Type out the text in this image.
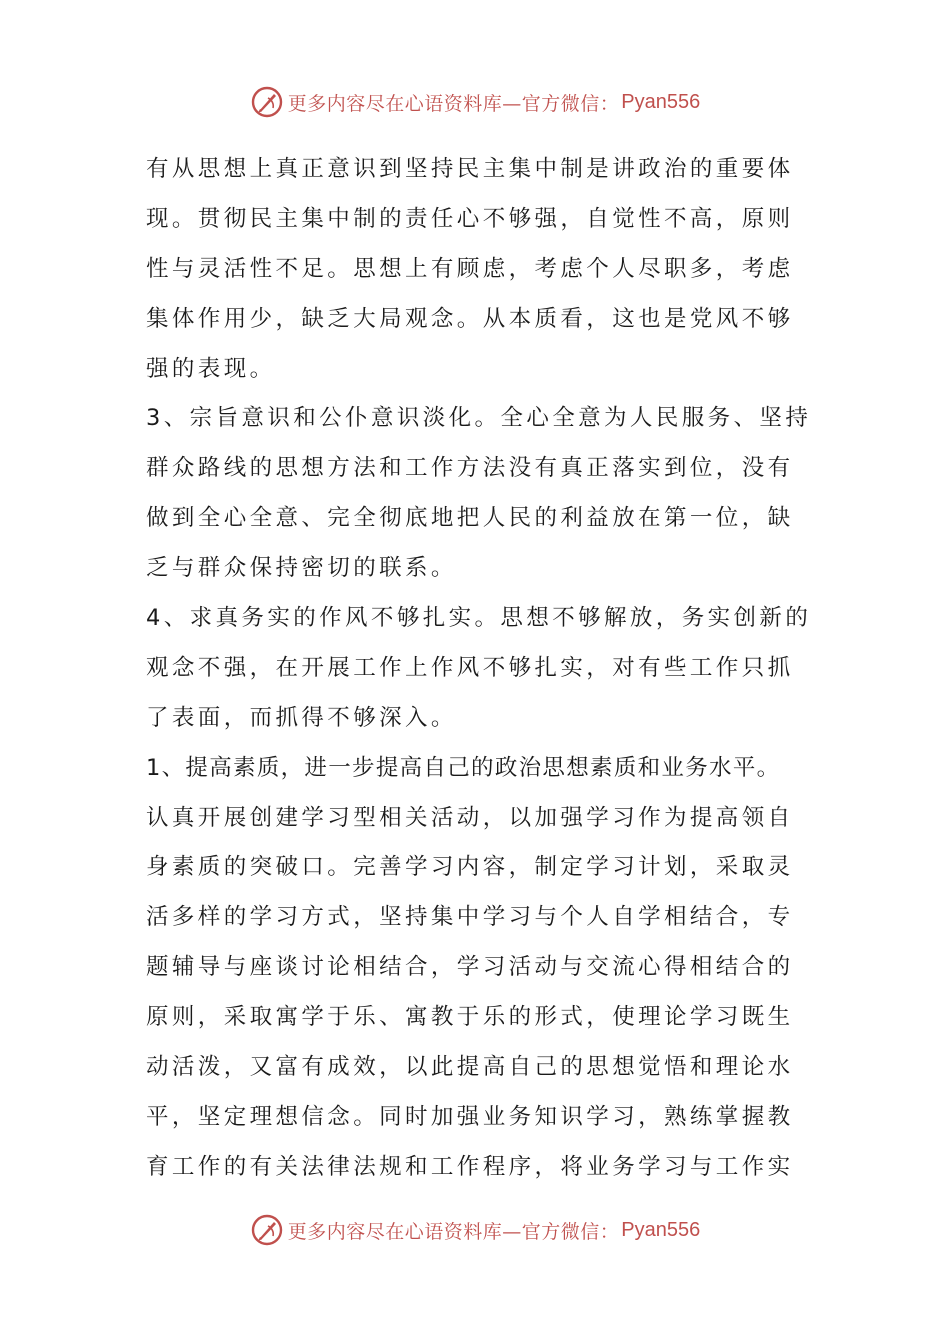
更多内容尽在心语资料库—官方微信： Pyan556
有从思想上真正意识到坚持民主集中制是讲政治的重要体
现。贯彻民主集中制的责任心不够强，自觉性不高，原则
性与灵活性不足。思想上有顾虑，考虑个人尽职多，考虑
集体作用少，缺乏大局观念。从本质看，这也是党风不够
强的表现。
3、宗旨意识和公仆意识淡化。全心全意为人民服务、坚持
群众路线的思想方法和工作方法没有真正落实到位，没有
做到全心全意、完全彻底地把人民的利益放在第一位，缺
乏与群众保持密切的联系。
4、求真务实的作风不够扎实。思想不够解放，务实创新的
观念不强，在开展工作上作风不够扎实，对有些工作只抓
了表面，而抓得不够深入。
1、提高素质，进一步提高自己的政治思想素质和业务水平。
认真开展创建学习型相关活动，以加强学习作为提高领自
身素质的突破口。完善学习内容，制定学习计划，采取灵
活多样的学习方式，坚持集中学习与个人自学相结合，专
题辅导与座谈讨论相结合，学习活动与交流心得相结合的
原则，采取寓学于乐、寓教于乐的形式，使理论学习既生
动活泼，又富有成效，以此提高自己的思想觉悟和理论水
平，坚定理想信念。同时加强业务知识学习，熟练掌握教
育工作的有关法律法规和工作程序，将业务学习与工作实
更多内容尽在心语资料库—官方微信： Pyan556
